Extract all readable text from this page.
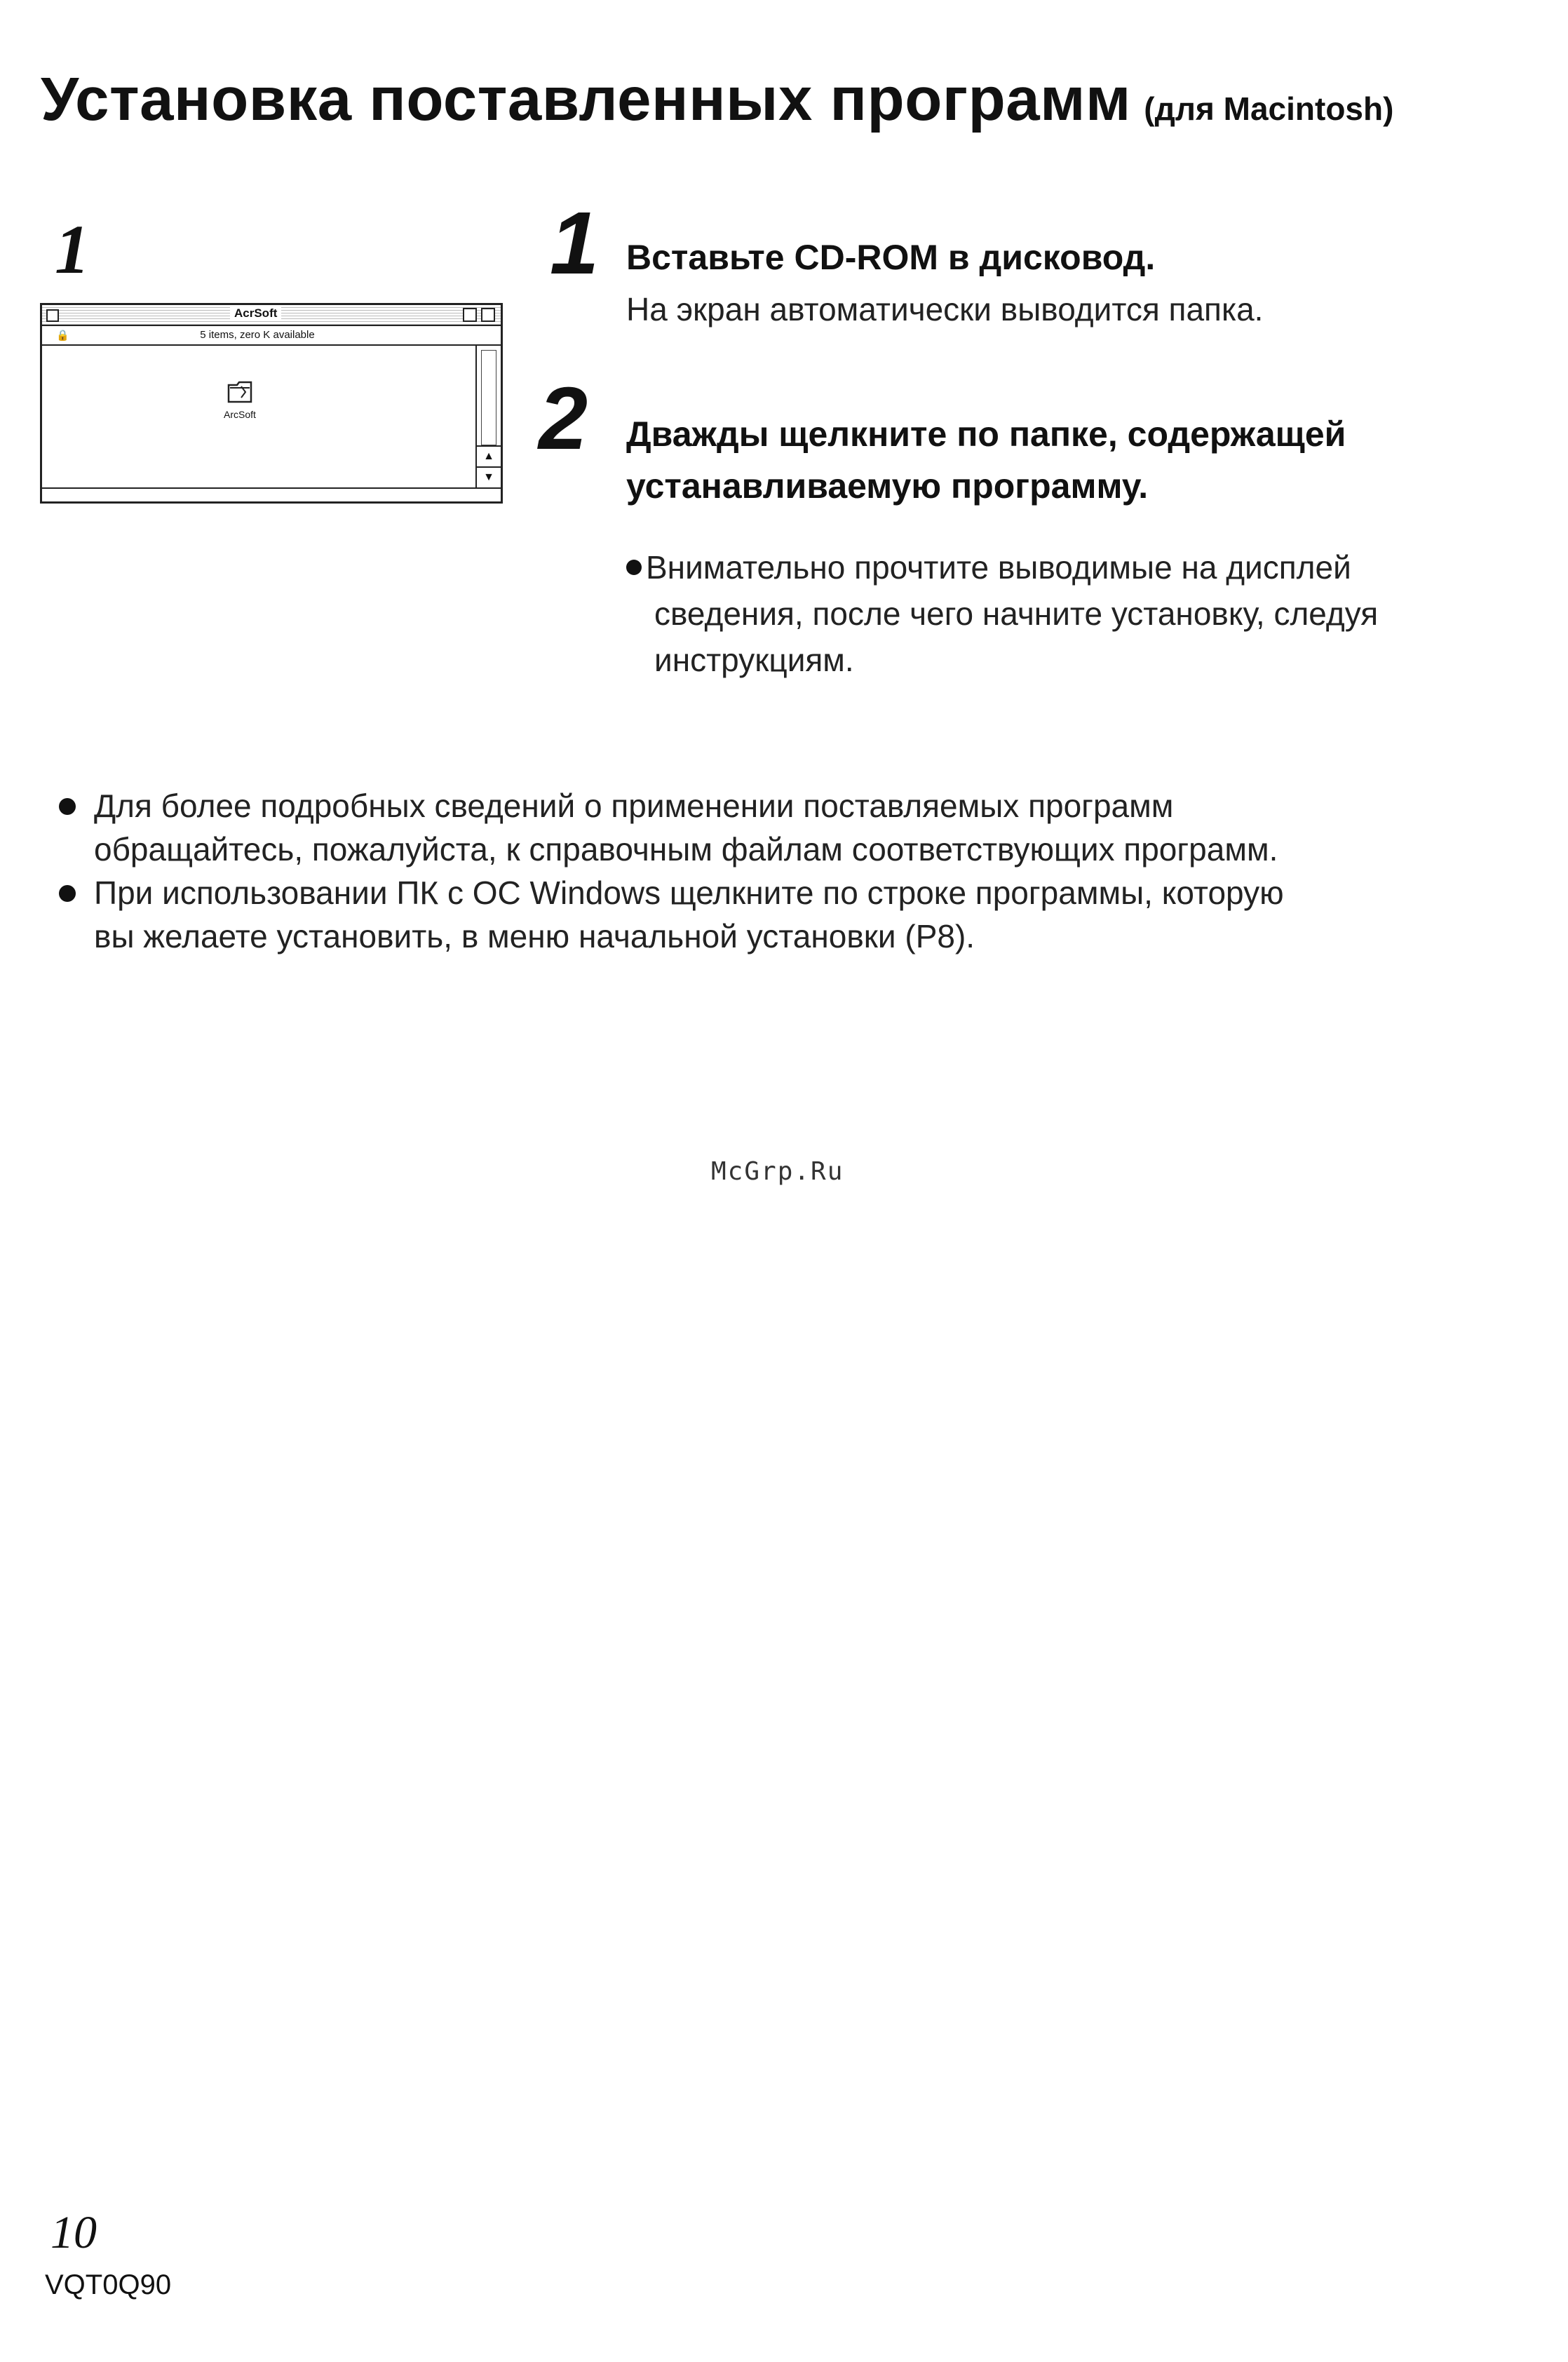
Установка поставленных программ (для Macintosh)
1
AcrSoft
🔒	5 items, zero K available
ArcSoft
▲
▼
1 Вставьте CD-ROM в дисковод.
На экран автоматически выводится папка.
2 Дважды щелкните по папке, содержащей
устанавливаемую программу.
Внимательно прочтите выводимые на дисплей
сведения, после чего начните установку, следуя
инструкциям.
Для более подробных сведений о применении поставляемых программ
обращайтесь, пожалуйста, к справочным файлам соответствующих программ.
При использовании ПК с ОС Windows щелкните по строке программы, которую
вы желаете установить, в меню начальной установки (P8).
McGrp.Ru
10
VQT0Q90
